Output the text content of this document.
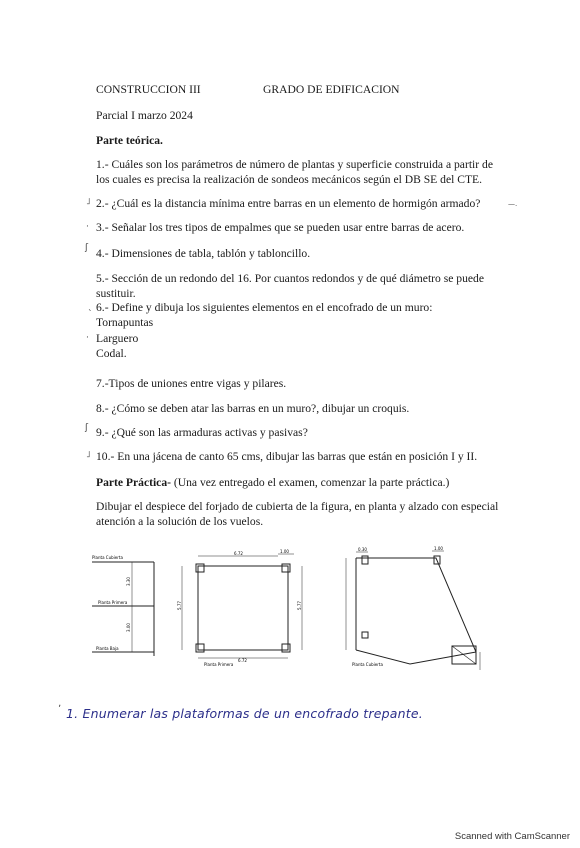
CONSTRUCCION III	GRADO DE EDIFICACION
Parcial I marzo 2024
Parte teórica.
1.- Cuáles son los parámetros de número de plantas y superficie construida a partir de
los cuales es precisa la realización de sondeos mecánicos según el DB SE del CTE.
˩ 2.- ¿Cuál es la distancia mínima entre barras en un elemento de hormigón armado?	—.
· 3.- Señalar los tres tipos de empalmes que se pueden usar entre barras de acero.
ʃ 4.- Dimensiones de tabla, tablón y tabloncillo.
5.- Sección de un redondo del 16. Por cuantos redondos y de qué diámetro se puede
sustituir.
ˎ 6.- Define y dibuja los siguientes elementos en el encofrado de un muro:
Tornapuntas
· Larguero
Codal.
7.-Tipos de uniones entre vigas y pilares.
8.- ¿Cómo se deben atar las barras en un muro?, dibujar un croquis.
ʃ 9.- ¿Qué son las armaduras activas y pasivas?
˩ 10.- En una jácena de canto 65 cms, dibujar las barras que están en posición I y II.
Parte Práctica- (Una vez entregado el examen, comenzar la parte práctica.)
Dibujar el despiece del forjado de cubierta de la figura, en planta y alzado con especial
atención a la solución de los vuelos.
Planta Cubierta
Planta Primera
Planta Baja
3.30
3.00
6.72	1.00
5.77	5.77
6.72
Planta Primera
0.30	1.00
Planta Cubierta
ʼ 1. Enumerar las plataformas de un encofrado trepante.
Scanned with CamScanner
